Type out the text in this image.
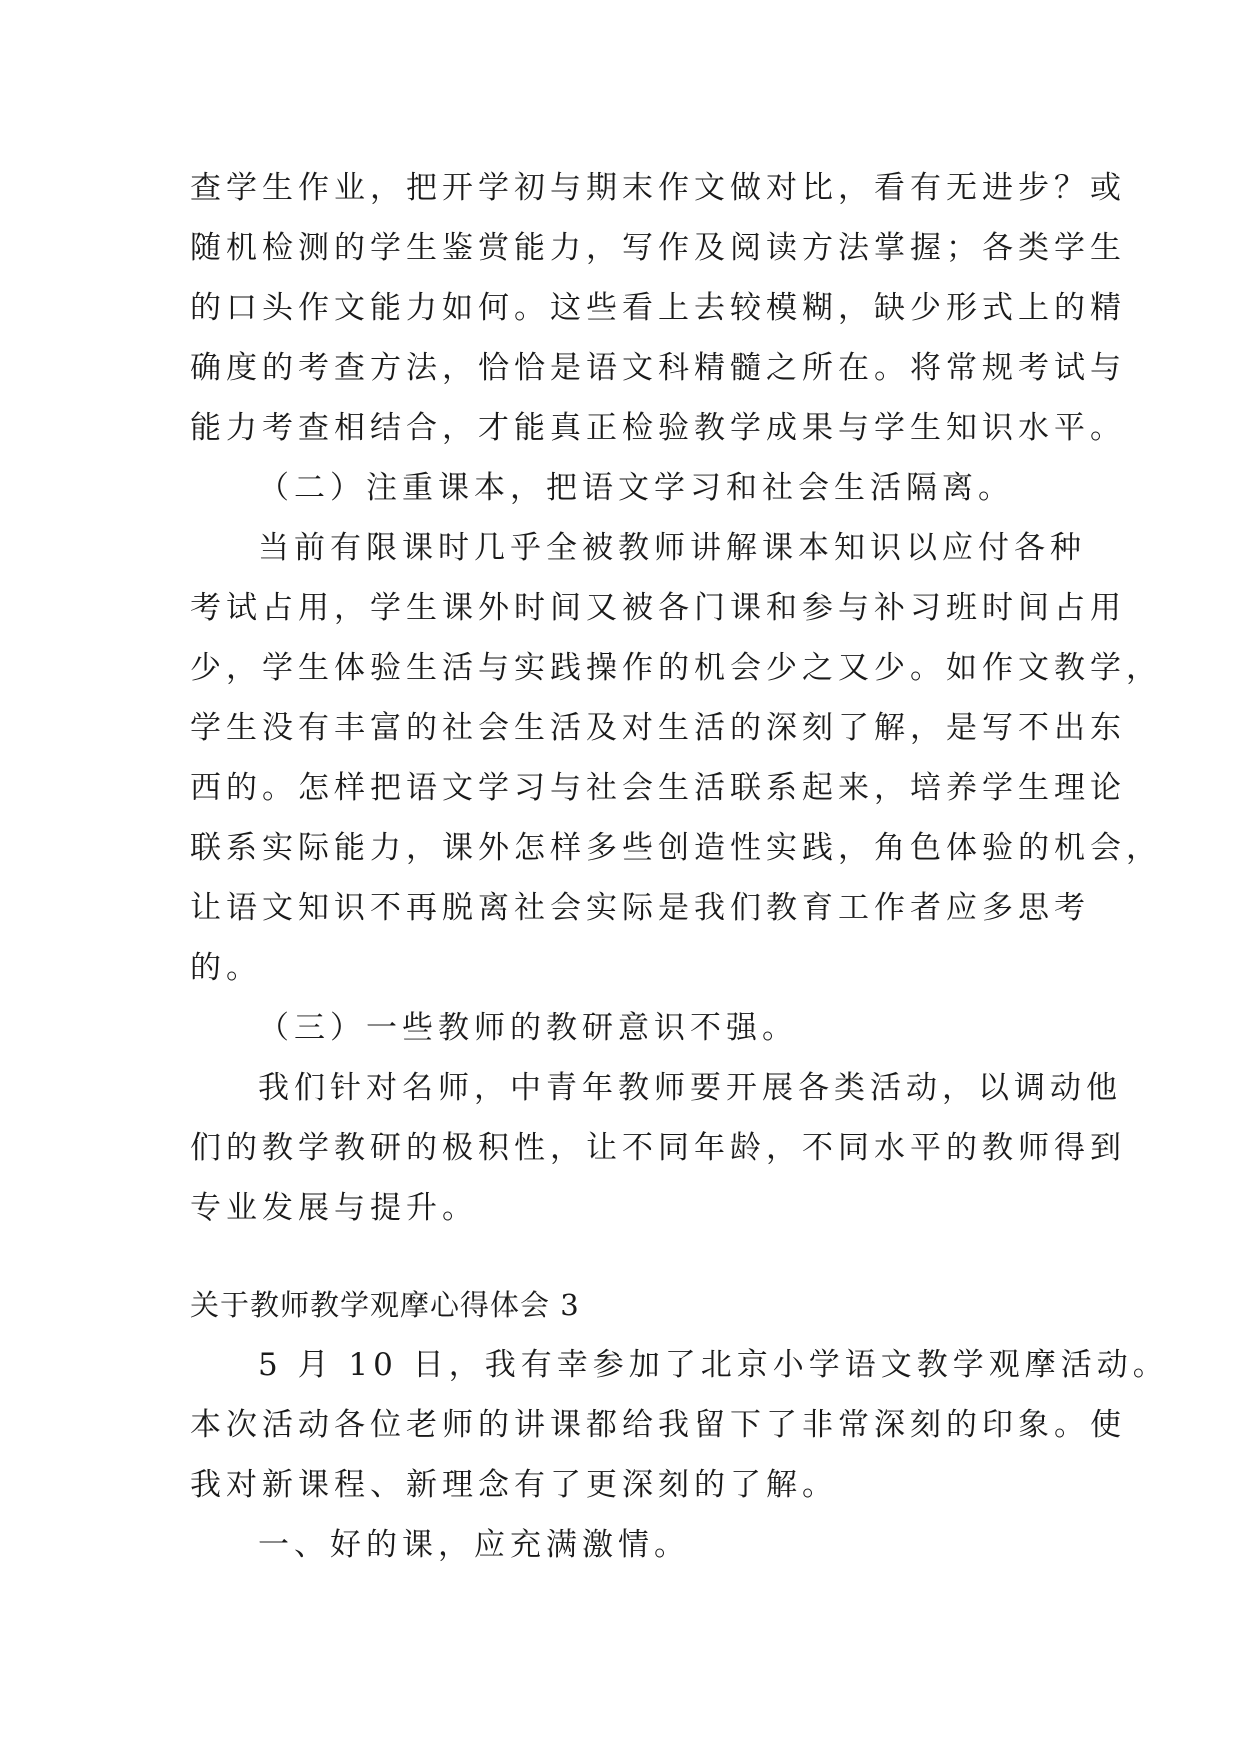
查学生作业，把开学初与期末作文做对比，看有无进步？或
随机检测的学生鉴赏能力，写作及阅读方法掌握；各类学生
的口头作文能力如何。这些看上去较模糊，缺少形式上的精
确度的考查方法，恰恰是语文科精髓之所在。将常规考试与
能力考查相结合，才能真正检验教学成果与学生知识水平。
（二）注重课本，把语文学习和社会生活隔离。
当前有限课时几乎全被教师讲解课本知识以应付各种
考试占用，学生课外时间又被各门课和参与补习班时间占用
少，学生体验生活与实践操作的机会少之又少。如作文教学，
学生没有丰富的社会生活及对生活的深刻了解，是写不出东
西的。怎样把语文学习与社会生活联系起来，培养学生理论
联系实际能力，课外怎样多些创造性实践，角色体验的机会，
让语文知识不再脱离社会实际是我们教育工作者应多思考
的。
（三）一些教师的教研意识不强。
我们针对名师，中青年教师要开展各类活动，以调动他
们的教学教研的极积性，让不同年龄，不同水平的教师得到
专业发展与提升。
关于教师教学观摩心得体会 3
5 月 10 日，我有幸参加了北京小学语文教学观摩活动。
本次活动各位老师的讲课都给我留下了非常深刻的印象。使
我对新课程、新理念有了更深刻的了解。
一、好的课，应充满激情。
